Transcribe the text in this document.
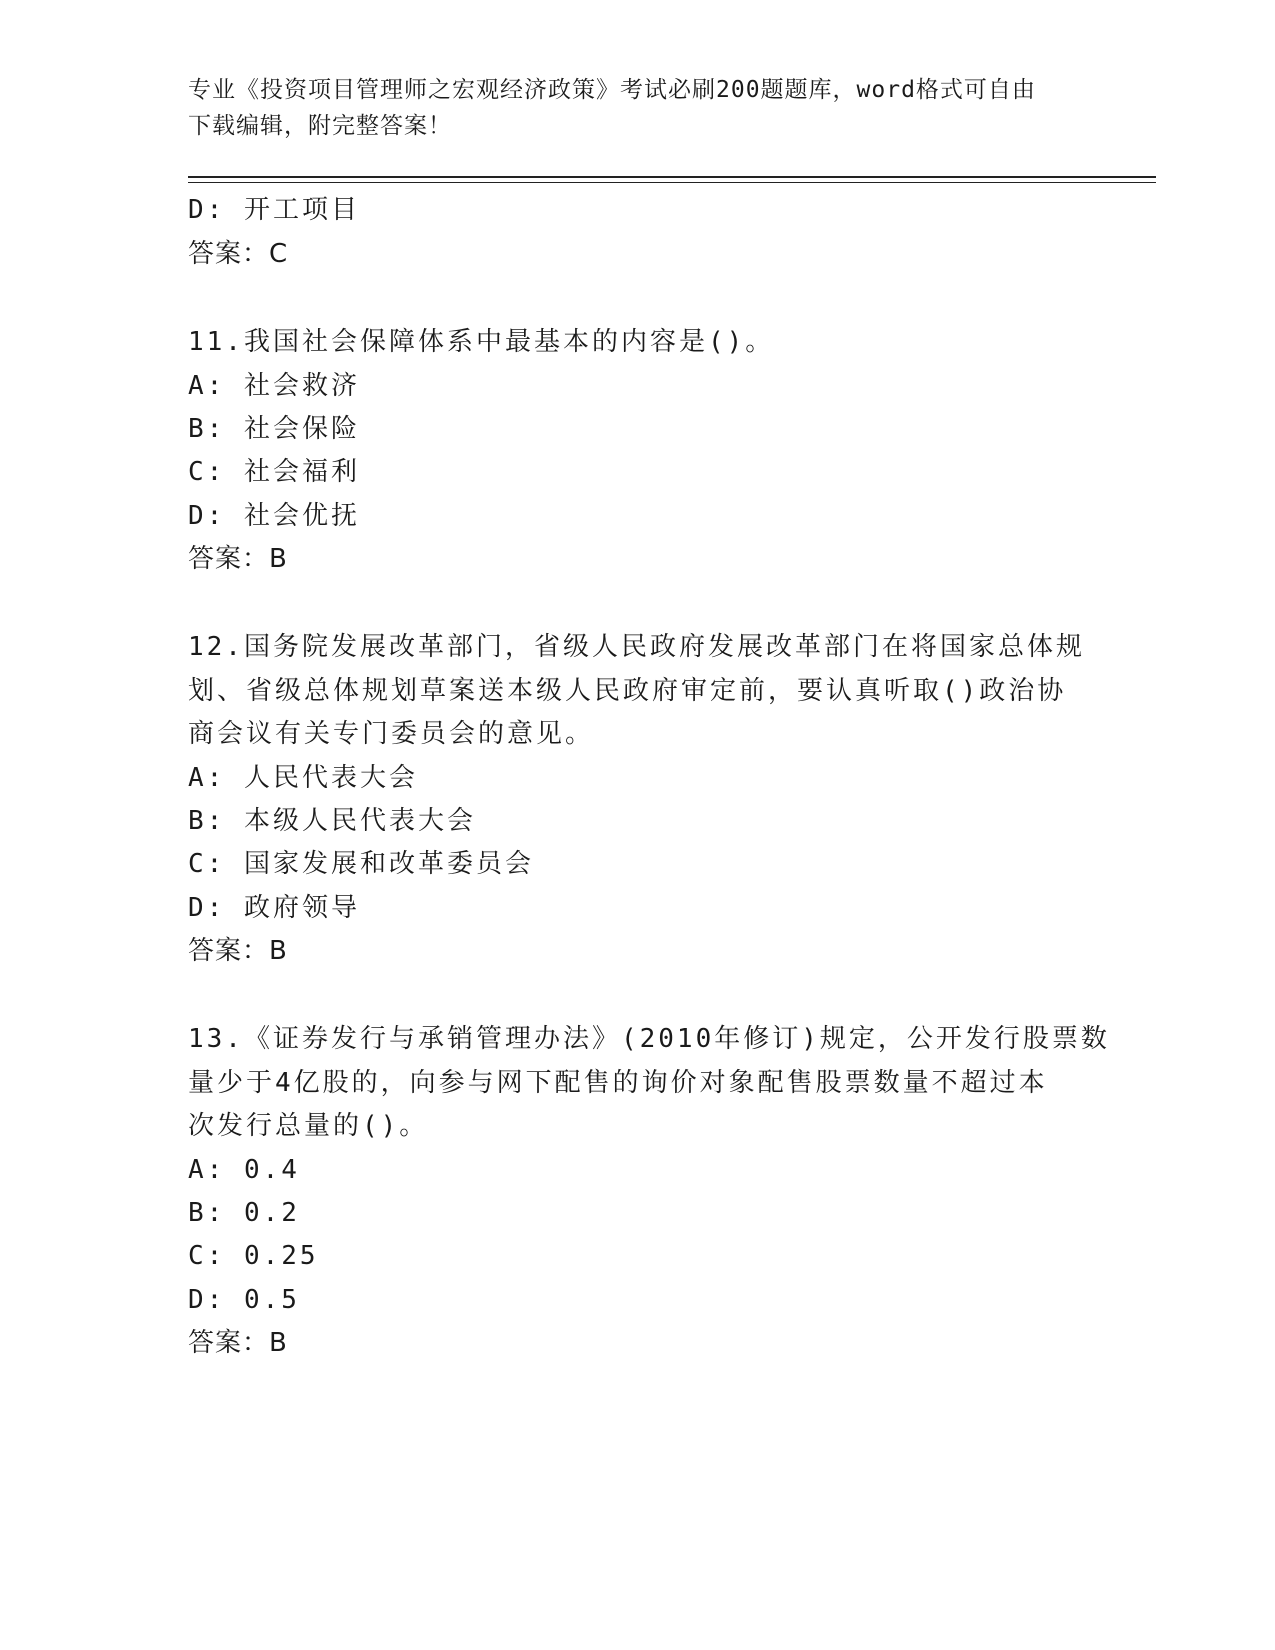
专业《投资项目管理师之宏观经济政策》考试必刷200题题库，word格式可自由
下载编辑，附完整答案！
D: 开工项目
答案：C
11.我国社会保障体系中最基本的内容是()。
A: 社会救济
B: 社会保险
C: 社会福利
D: 社会优抚
答案：B
12.国务院发展改革部门，省级人民政府发展改革部门在将国家总体规
划、省级总体规划草案送本级人民政府审定前，要认真听取()政治协
商会议有关专门委员会的意见。
A: 人民代表大会
B: 本级人民代表大会
C: 国家发展和改革委员会
D: 政府领导
答案：B
13.《证券发行与承销管理办法》(2010年修订)规定，公开发行股票数
量少于4亿股的，向参与网下配售的询价对象配售股票数量不超过本
次发行总量的()。
A: 0.4
B: 0.2
C: 0.25
D: 0.5
答案：B
